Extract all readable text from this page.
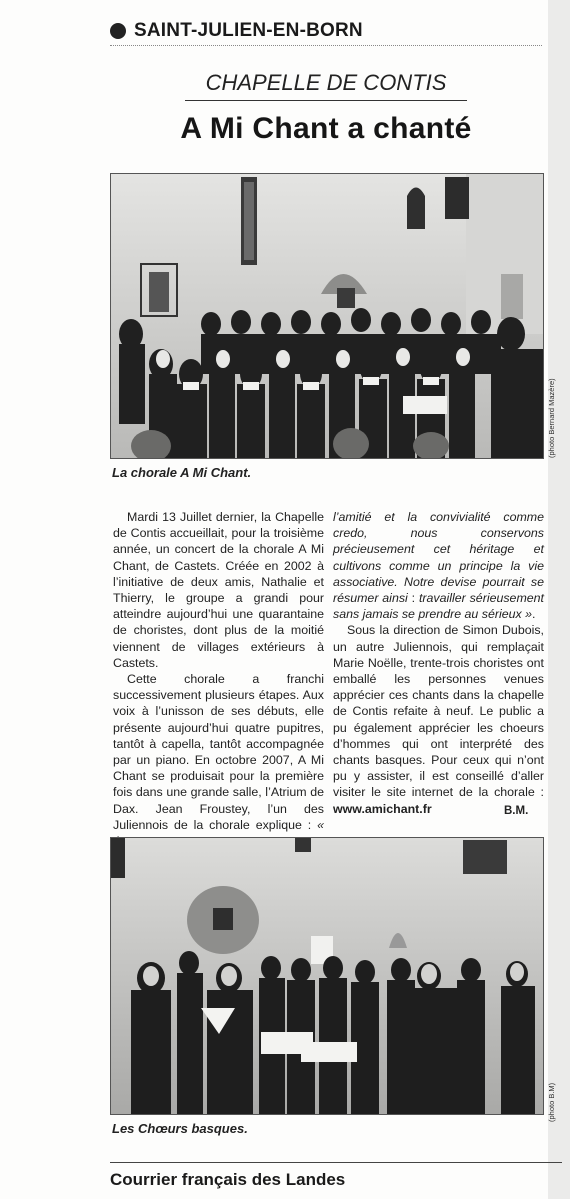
SAINT-JULIEN-EN-BORN
CHAPELLE DE CONTIS
A Mi Chant a chanté
(photo Bernard Mazère)
La chorale A Mi Chant.

Mardi 13 Juillet dernier, la Chapelle de Contis accueillait, pour la troisième année, un concert de la chorale A Mi Chant, de Castets. Créée en 2002 à l’initiative de deux amis, Nathalie et Thierry, le groupe a grandi pour atteindre aujourd’hui une quarantaine de choristes, dont plus de la moitié viennent de villages extérieurs à Castets.

Cette chorale a franchi successivement plusieurs étapes. Aux voix à l’unisson de ses débuts, elle présente aujourd’hui quatre pupitres, tantôt à capella, tantôt accompagnée par un piano. En octobre 2007, A Mi Chant se produisait pour la première fois dans une grande salle, l’Atrium de Dax. Jean Froustey, l’un des Juliennois de la chorale explique : «

l’amitié et la convivialité comme credo, nous conservons précieusement cet héritage et cultivons comme un principe la vie associative. Notre devise pourrait se résumer ainsi : travailler sérieusement sans jamais se prendre au sérieux ».

Sous la direction de Simon Dubois, un autre Juliennois, qui remplaçait Marie Noëlle, trente-trois choristes ont emballé les personnes venues apprécier ces chants dans la chapelle de Contis refaite à neuf. Le public a pu également apprécier les choeurs d’hommes qui ont interprété des chants basques. Pour ceux qui n’ont pu y assister, il est conseillé d’aller visiter le site internet de la chorale : www.amichant.fr	B.M.
(photo B.M)
Les Chœurs basques.
Courrier français des Landes
